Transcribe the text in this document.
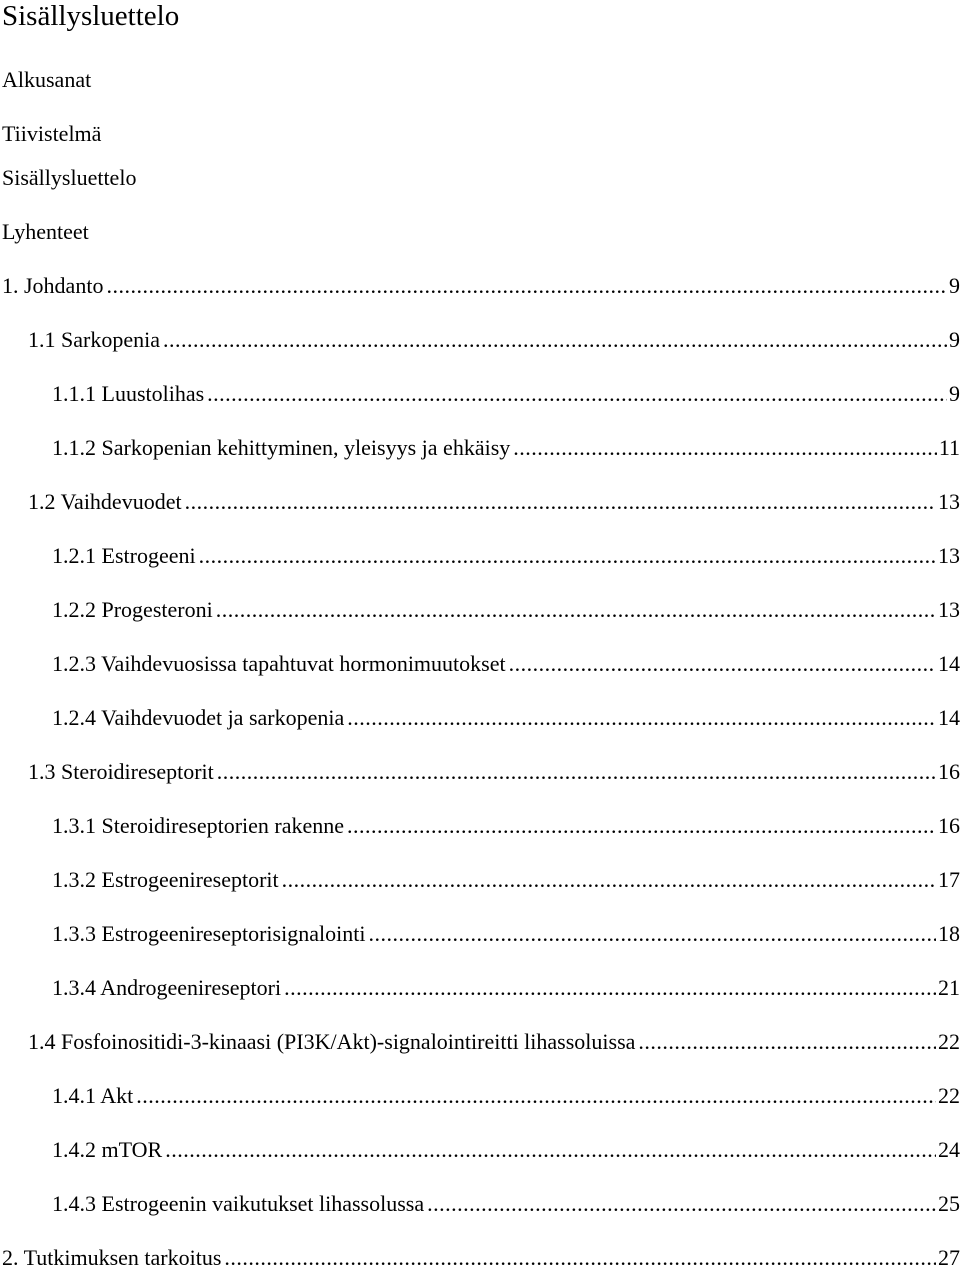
Sisällysluettelo
Alkusanat
Tiivistelmä
Sisällysluettelo
Lyhenteet
1. Johdanto .....	9
1.1 Sarkopenia .....	9
1.1.1 Luustolihas .....	9
1.1.2 Sarkopenian kehittyminen, yleisyys ja ehkäisy .....	11
1.2 Vaihdevuodet .....	13
1.2.1 Estrogeeni .....	13
1.2.2 Progesteroni .....	13
1.2.3 Vaihdevuosissa tapahtuvat hormonimuutokset .....	14
1.2.4 Vaihdevuodet ja sarkopenia .....	14
1.3 Steroidireseptorit .....	16
1.3.1 Steroidireseptorien rakenne .....	16
1.3.2 Estrogeenireseptorit .....	17
1.3.3 Estrogeenireseptorisignalointi .....	18
1.3.4 Androgeenireseptori .....	21
1.4 Fosfoinositidi-3-kinaasi (PI3K/Akt)-signalointireitti lihassoluissa .....	22
1.4.1 Akt .....	22
1.4.2 mTOR .....	24
1.4.3 Estrogeenin vaikutukset lihassolussa .....	25
2. Tutkimuksen tarkoitus .....	27
